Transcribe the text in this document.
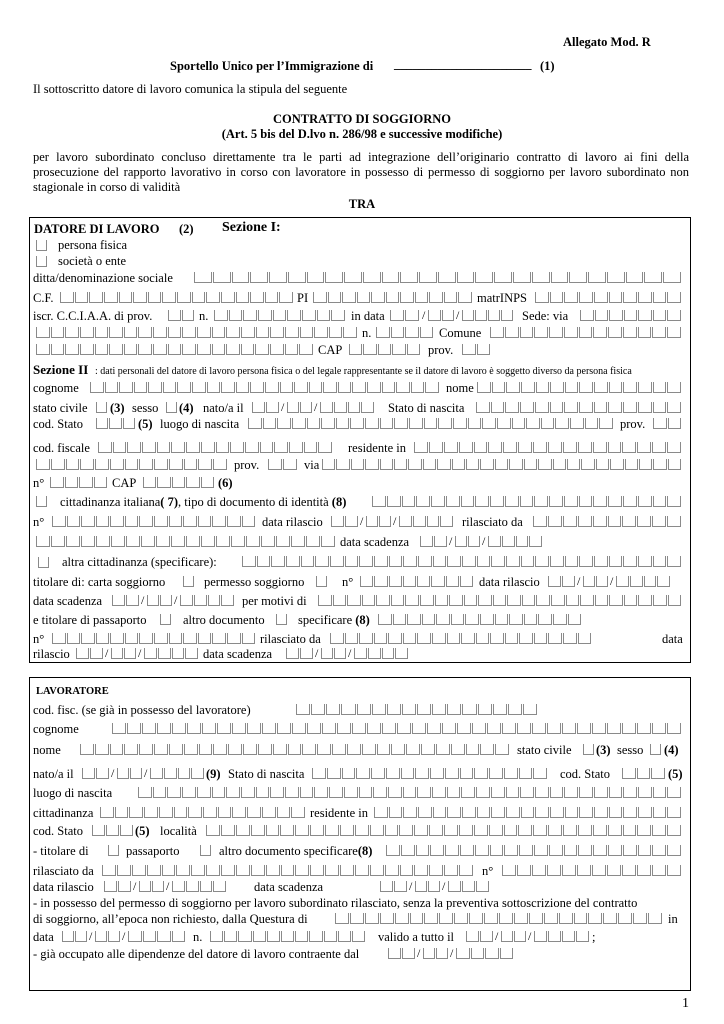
Allegato Mod. R
Sportello Unico per l’Immigrazione di ______________________ (1)
Il sottoscritto datore di lavoro comunica la stipula del seguente
CONTRATTO DI SOGGIORNO
(Art. 5 bis del D.lvo n. 286/98 e successive modifiche)
per lavoro subordinato concluso direttamente tra le parti ad integrazione dell’originario contratto di lavoro ai fini della prosecuzione del rapporto lavorativo in corso con lavoratore in possesso di permesso di soggiorno per lavoro subordinato non stagionale in corso di validità
TRA
DATORE DI LAVORO (2) Sezione I:
persona fisica
società o ente
ditta/denominazione sociale
C.F.	PI	matrINPS
iscr. C.C.I.A.A. di prov.	n.	in data	/	/	Sede: via
n.	Comune
CAP	prov.
Sezione II : dati personali del datore di lavoro persona fisica o del legale rappresentante se il datore di lavoro è soggetto diverso da persona fisica
cognome	nome
stato civile (3) sesso (4) nato/a il	/ /	Stato di nascita
cod. Stato	(5) luogo di nascita	prov.
cod. fiscale	residente in
prov.	via
n°	CAP	(6)
cittadinanza italiana( 7), tipo di documento di identità (8)
n°	data rilascio	/ /	rilasciato da
data scadenza	/ /
altra cittadinanza (specificare):
titolare di: carta soggiorno	permesso soggiorno	n°	data rilascio	/ /
data scadenza	/ /	per motivi di
e titolare di passaporto	altro documento	specificare (8)
n°	rilasciato da	data
rilascio	/ /	data scadenza	/ /
LAVORATORE
cod. fisc. (se già in possesso del lavoratore)
cognome
nome	stato civile (3) sesso (4)
nato/a il	/ /	(9) Stato di nascita	cod. Stato	(5)
luogo di nascita
cittadinanza	residente in
cod. Stato	(5) località
- titolare di	passaporto	altro documento specificare(8)
rilasciato da	n°
data rilascio	/ /	data scadenza	/ /
- in possesso del permesso di soggiorno per lavoro subordinato rilasciato, senza la preventiva sottoscrizione del contratto
di soggiorno, all’epoca non richiesto, dalla Questura di	in
data	/ /	n.	valido a tutto il	/ /	;
- già occupato alle dipendenze del datore di lavoro contraente dal	/ /
1
